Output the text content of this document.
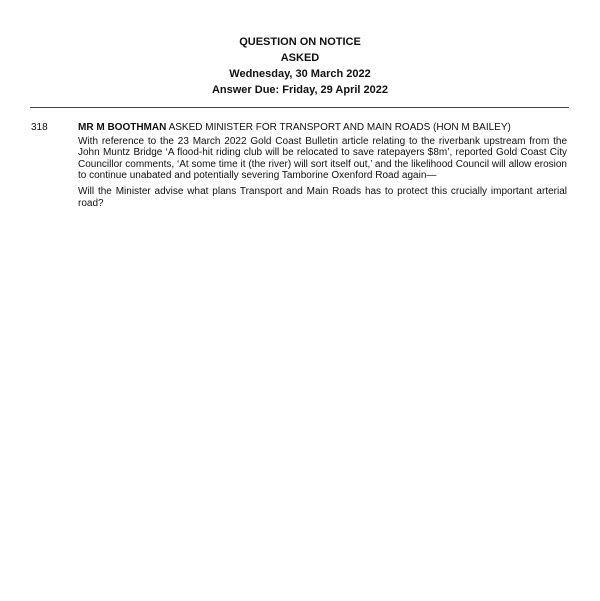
QUESTION ON NOTICE
ASKED
Wednesday, 30 March 2022
Answer Due: Friday, 29 April 2022
318	MR M BOOTHMAN ASKED MINISTER FOR TRANSPORT AND MAIN ROADS (HON M BAILEY)

With reference to the 23 March 2022 Gold Coast Bulletin article relating to the riverbank upstream from the John Muntz Bridge ‘A flood-hit riding club will be relocated to save ratepayers $8m’, reported Gold Coast City Councillor comments, ‘At some time it (the river) will sort itself out,’ and the likelihood Council will allow erosion to continue unabated and potentially severing Tamborine Oxenford Road again—

Will the Minister advise what plans Transport and Main Roads has to protect this crucially important arterial road?
